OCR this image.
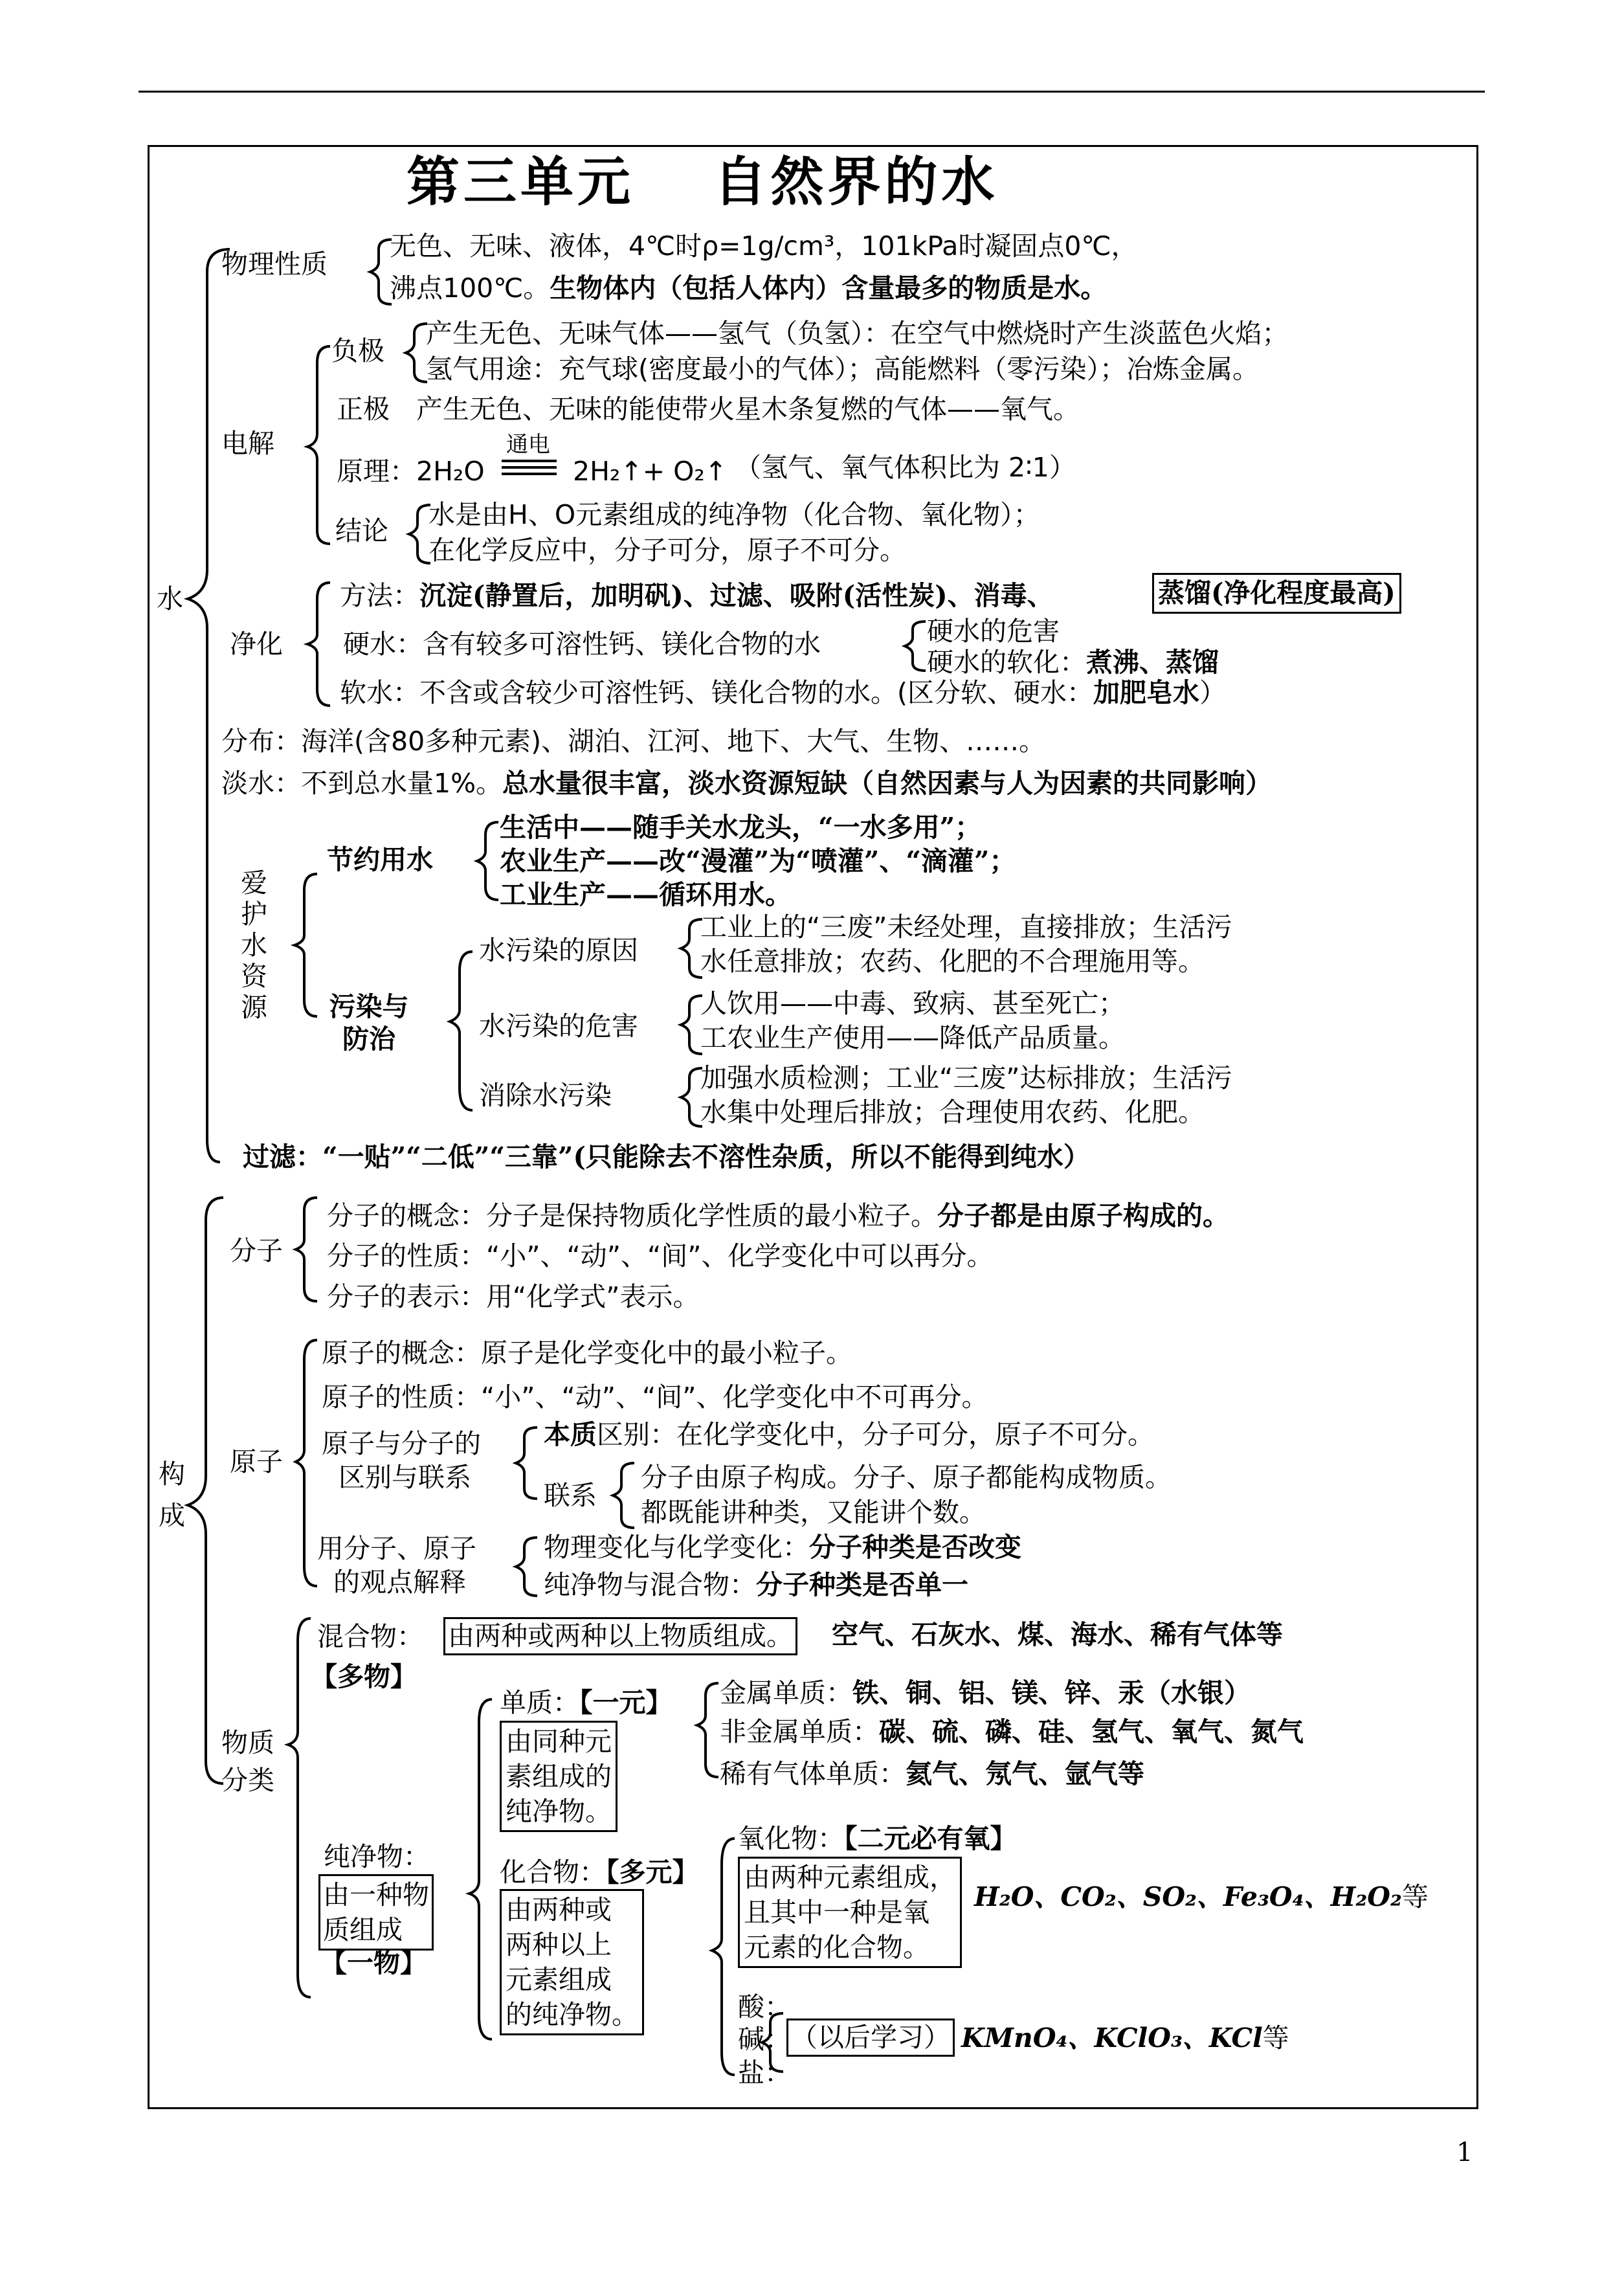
第三单元　 自然界的水
水
物理性质
无色、无味、液体，4℃时ρ=1g/cm³，101kPa时凝固点0℃，
沸点100℃。生物体内（包括人体内）含量最多的物质是水。
电解
负极
产生无色、无味气体——氢气（负氢）：在空气中燃烧时产生淡蓝色火焰；
氢气用途：充气球(密度最小的气体）；高能燃料（零污染）；冶炼金属。
正极　产生无色、无味的能使带火星木条复燃的气体——氧气。
原理：2H₂O
通电
2H₂↑+ O₂↑ （氢气、氧气体积比为 2∶1）
结论
水是由H、O元素组成的纯净物（化合物、氧化物）；
在化学反应中，分子可分，原子不可分。
净化
方法：沉淀(静置后，加明矾)、过滤、吸附(活性炭)、消毒、	蒸馏(净化程度最高)
硬水：含有较多可溶性钙、镁化合物的水	硬水的危害
硬水的软化：煮沸、蒸馏
软水：不含或含较少可溶性钙、镁化合物的水。(区分软、硬水：加肥皂水）
分布：海洋(含80多种元素)、湖泊、江河、地下、大气、生物、……。
淡水：不到总水量1%。总水量很丰富，淡水资源短缺（自然因素与人为因素的共同影响）
爱护水资源
节约用水
生活中——随手关水龙头，“一水多用”；
农业生产——改“漫灌”为“喷灌”、“滴灌”；
工业生产——循环用水。
污染与防治
水污染的原因
工业上的“三废”未经处理，直接排放；生活污
水任意排放；农药、化肥的不合理施用等。
水污染的危害
人饮用——中毒、致病、甚至死亡；
工农业生产使用——降低产品质量。
消除水污染
加强水质检测；工业“三废”达标排放；生活污
水集中处理后排放；合理使用农药、化肥。
过滤：“一贴”“二低”“三靠”(只能除去不溶性杂质，所以不能得到纯水）
构成
分子
分子的概念：分子是保持物质化学性质的最小粒子。分子都是由原子构成的。
分子的性质：“小”、“动”、“间”、化学变化中可以再分。
分子的表示：用“化学式”表示。
原子
原子的概念：原子是化学变化中的最小粒子。
原子的性质：“小”、“动”、“间”、化学变化中不可再分。
原子与分子的
区别与联系
本质区别：在化学变化中，分子可分，原子不可分。
联系
分子由原子构成。分子、原子都能构成物质。
都既能讲种类，又能讲个数。
用分子、原子
的观点解释
物理变化与化学变化：分子种类是否改变
纯净物与混合物：分子种类是否单一
物质
分类
混合物： 由两种或两种以上物质组成。 空气、石灰水、煤、海水、稀有气体等
【多物】
纯净物：
由一种物
质组成
【一物】
单质：【一元】
由同种元
素组成的
纯净物。
金属单质：铁、铜、铝、镁、锌、汞（水银）
非金属单质：碳、硫、磷、硅、氢气、氧气、氮气
稀有气体单质：氦气、氖气、氩气等
化合物：【多元】
由两种或
两种以上
元素组成
的纯净物。
氧化物：【二元必有氧】
由两种元素组成，
且其中一种是氧
元素的化合物。
H₂O、CO₂、SO₂、Fe₃O₄、H₂O₂等
酸：
碱：
盐：
（以后学习） KMnO₄、KClO₃、KCl等
1
